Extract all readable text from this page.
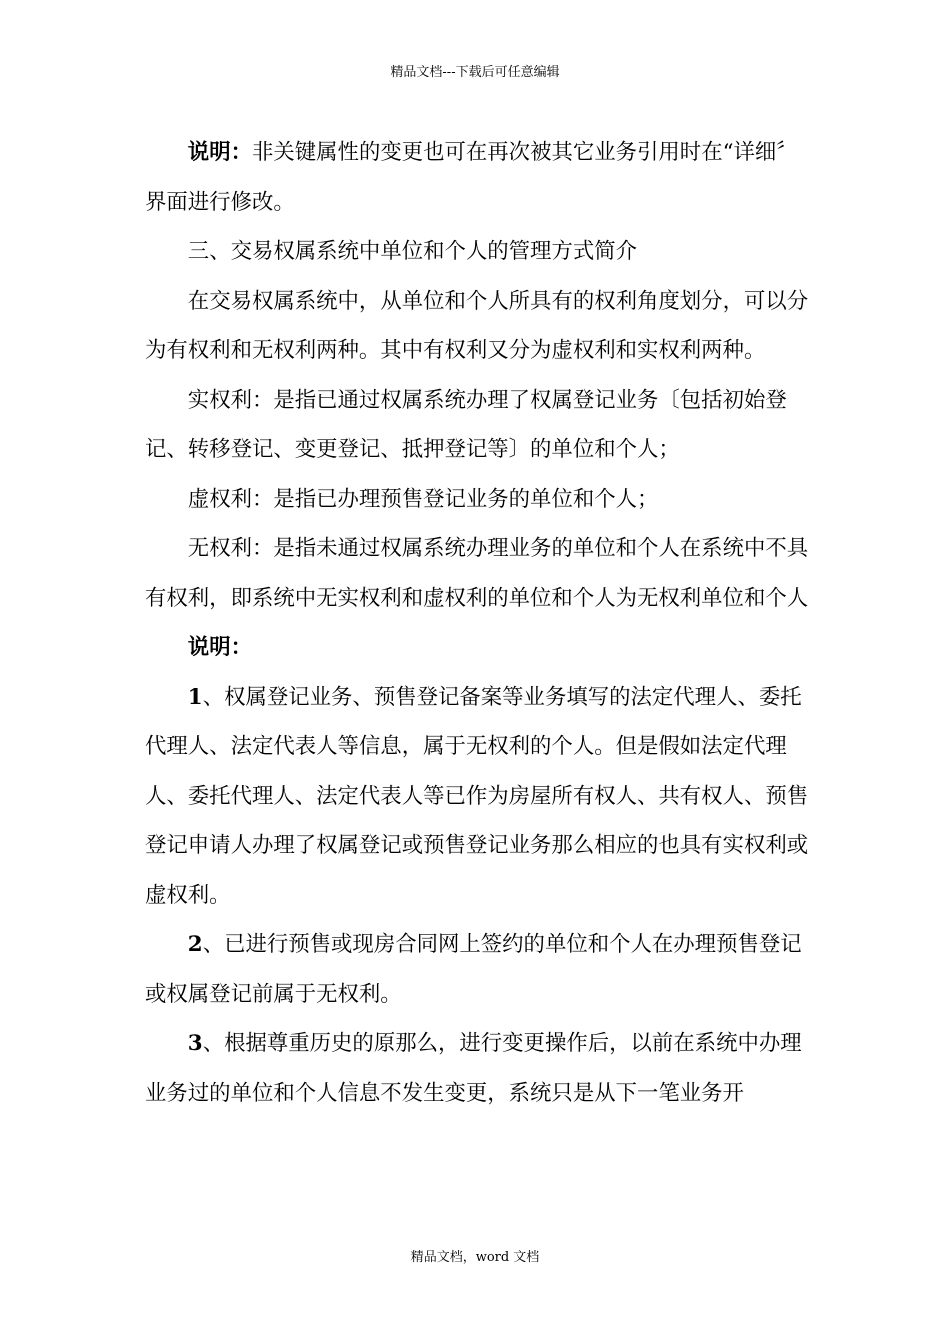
精品文档---下载后可任意编辑

说明：非关键属性的变更也可在再次被其它业务引用时在“详细〞界面进行修改。

三、交易权属系统中单位和个人的管理方式简介

在交易权属系统中，从单位和个人所具有的权利角度划分，可以分为有权利和无权利两种。其中有权利又分为虚权利和实权利两种。

实权利：是指已通过权属系统办理了权属登记业务〔包括初始登记、转移登记、变更登记、抵押登记等〕的单位和个人；

虚权利：是指已办理预售登记业务的单位和个人；

无权利：是指未通过权属系统办理业务的单位和个人在系统中不具有权利，即系统中无实权利和虚权利的单位和个人为无权利单位和个人

说明：

1、权属登记业务、预售登记备案等业务填写的法定代理人、委托代理人、法定代表人等信息，属于无权利的个人。但是假如法定代理人、委托代理人、法定代表人等已作为房屋所有权人、共有权人、预售登记申请人办理了权属登记或预售登记业务那么相应的也具有实权利或虚权利。

2、已进行预售或现房合同网上签约的单位和个人在办理预售登记或权属登记前属于无权利。

3、根据尊重历史的原那么，进行变更操作后，以前在系统中办理业务过的单位和个人信息不发生变更，系统只是从下一笔业务开

精品文档，word 文档
